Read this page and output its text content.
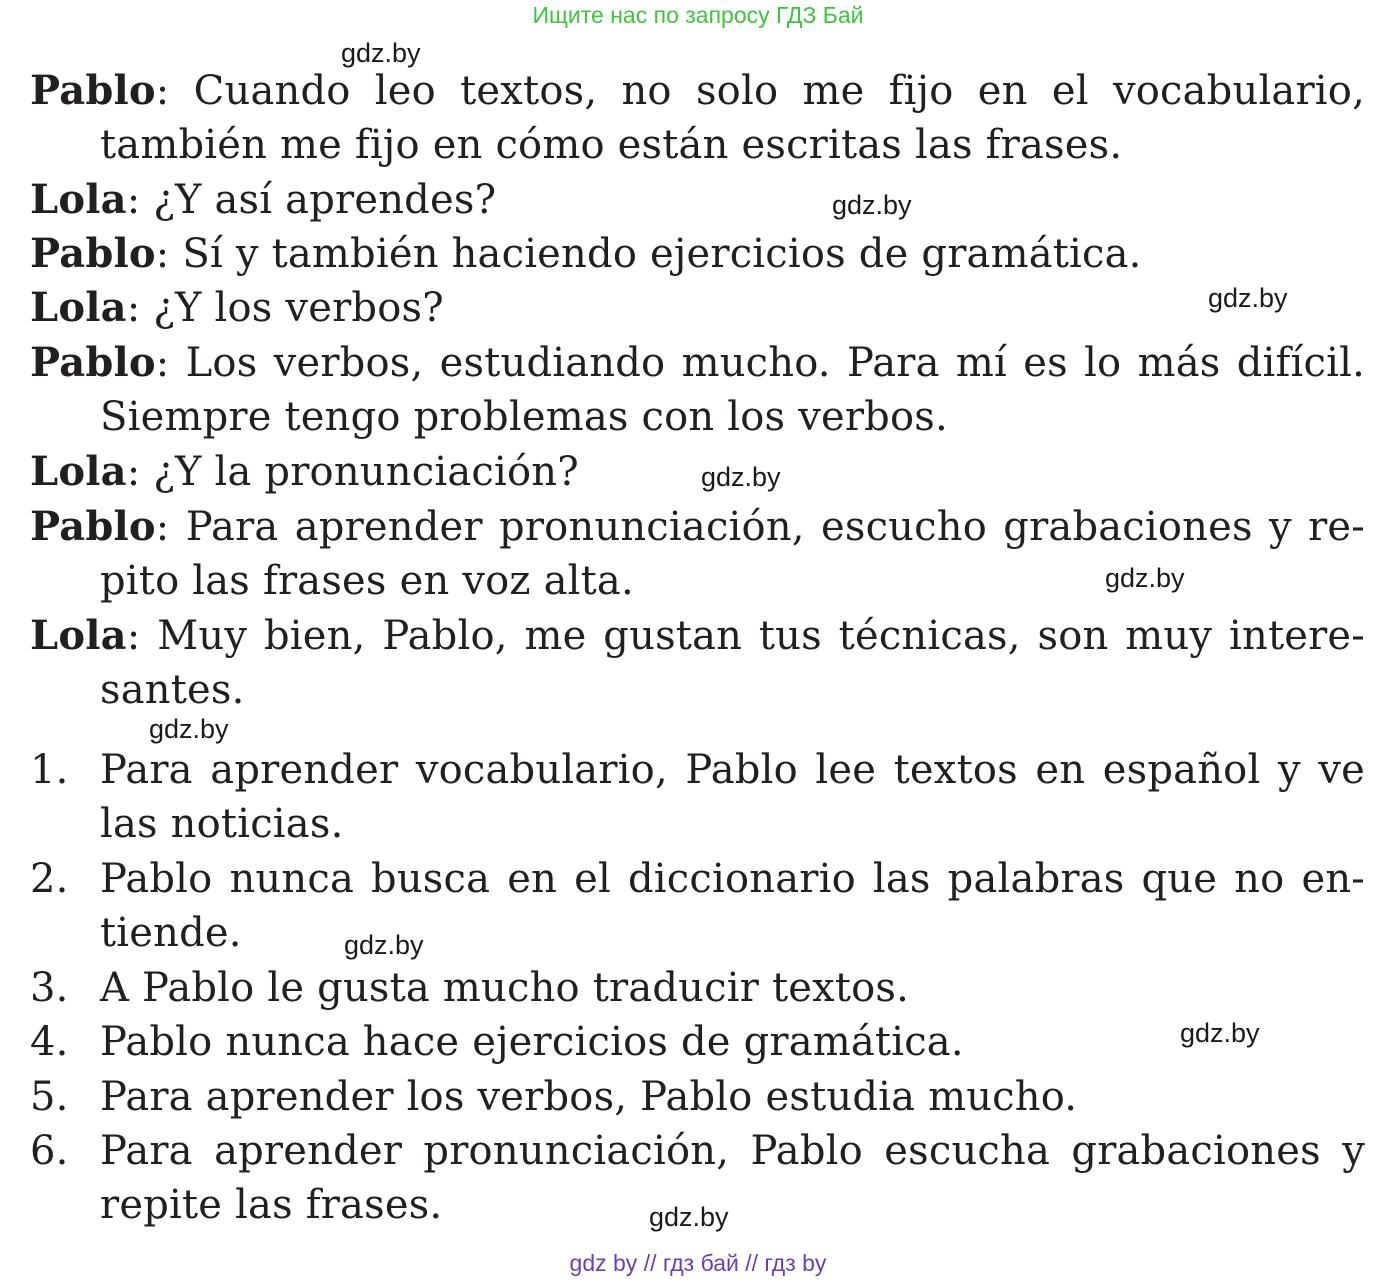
Ищите нас по запросу ГДЗ Бай
gdz.by
gdz.by
gdz.by
gdz.by
gdz.by
gdz.by
gdz.by
gdz.by
gdz.by
Pablo: Cuando leo textos, no solo me fijo en el vocabulario,
también me fijo en cómo están escritas las frases.
Lola: ¿Y así aprendes?
Pablo: Sí y también haciendo ejercicios de gramática.
Lola: ¿Y los verbos?
Pablo: Los verbos, estudiando mucho. Para mí es lo más difícil.
Siempre tengo problemas con los verbos.
Lola: ¿Y la pronunciación?
Pablo: Para aprender pronunciación, escucho grabaciones y re-
pito las frases en voz alta.
Lola: Muy bien, Pablo, me gustan tus técnicas, son muy intere-
santes.
1. Para aprender vocabulario, Pablo lee textos en español y ve
las noticias.
2. Pablo nunca busca en el diccionario las palabras que no en-
tiende.
3. A Pablo le gusta mucho traducir textos.
4. Pablo nunca hace ejercicios de gramática.
5. Para aprender los verbos, Pablo estudia mucho.
6. Para aprender pronunciación, Pablo escucha grabaciones y
repite las frases.
gdz by // гдз бай // гдз by
